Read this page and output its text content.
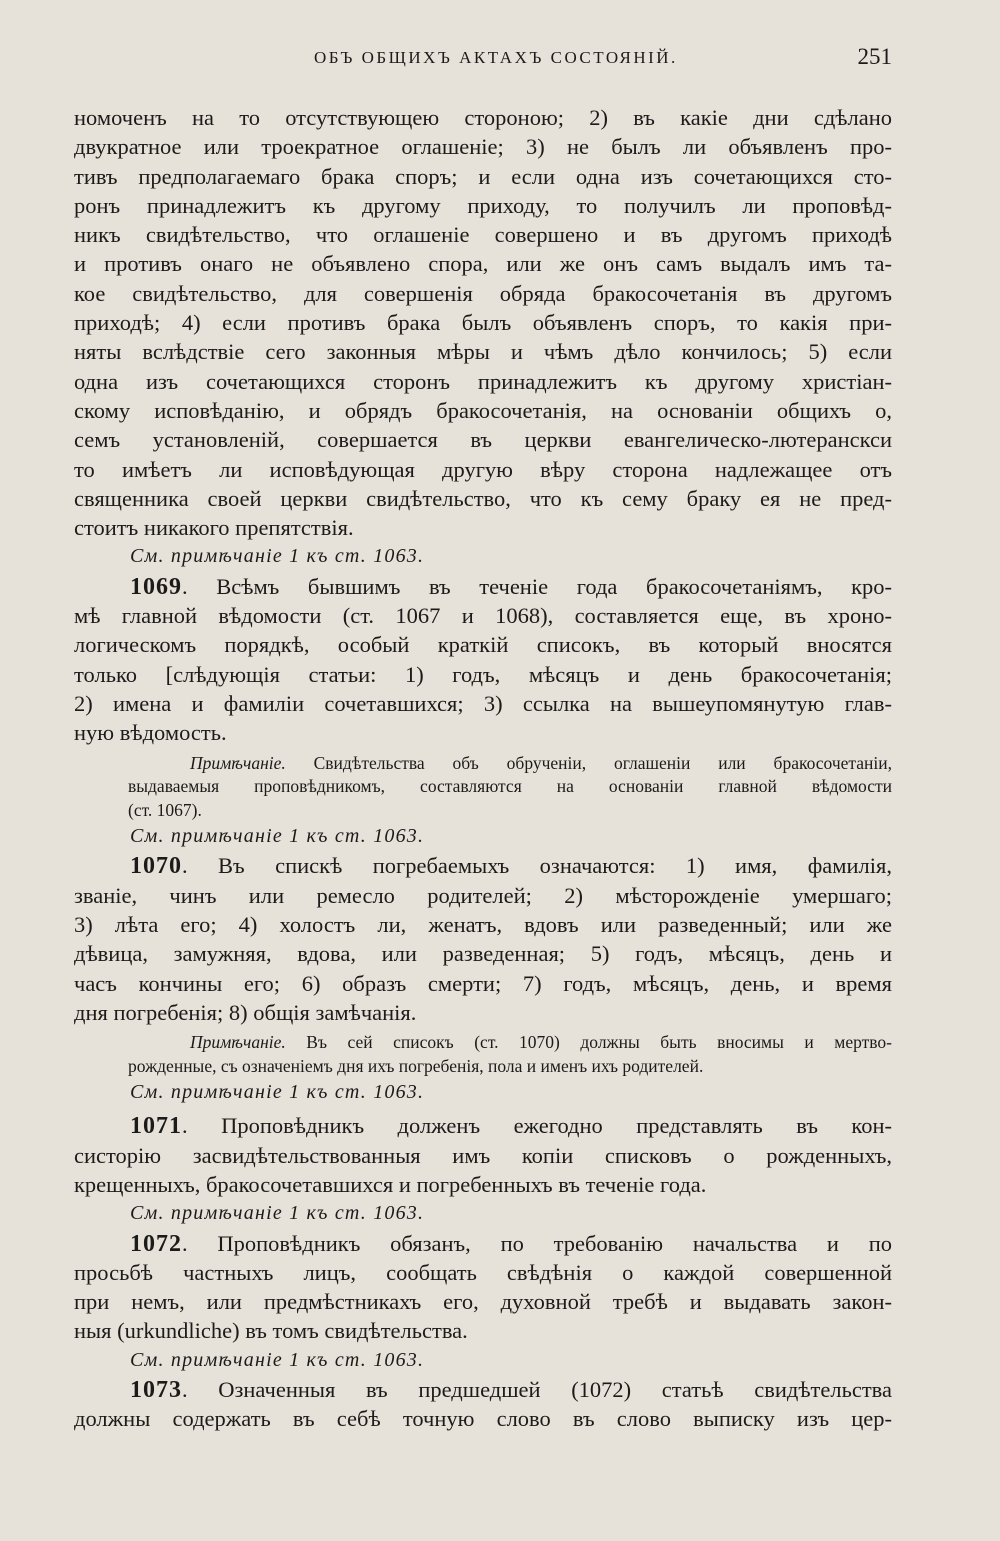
ОБЪ ОБЩИХЪ АКТАХЪ СОСТОЯНІЙ.	251
номоченъ на то отсутствующею стороною; 2) въ какіе дни сдѣлано
двукратное или троекратное оглашеніе; 3) не былъ ли объявленъ про-
тивъ предполагаемаго брака споръ; и если одна изъ сочетающихся сто-
ронъ принадлежитъ къ другому приходу, то получилъ ли проповѣд-
никъ свидѣтельство, что оглашеніе совершено и въ другомъ приходѣ
и противъ онаго не объявлено спора, или же онъ самъ выдалъ имъ та-
кое свидѣтельство, для совершенія обряда бракосочетанія въ другомъ
приходѣ; 4) если противъ брака былъ объявленъ споръ, то какія при-
няты вслѣдствіе сего законныя мѣры и чѣмъ дѣло кончилось; 5) если
одна изъ сочетающихся сторонъ принадлежитъ къ другому христіан-
скому исповѣданію, и обрядъ бракосочетанія, на основаніи общихъ о,
семъ установленій, совершается въ церкви евангелическо-лютеранскси
то имѣетъ ли исповѣдующая другую вѣру сторона надлежащее отъ
священника своей церкви свидѣтельство, что къ сему браку ея не пред-
стоитъ никакого препятствія.
См. примѣчаніе 1 къ ст. 1063.
1069. Всѣмъ бывшимъ въ теченіе года бракосочетаніямъ, кро-
мѣ главной вѣдомости (ст. 1067 и 1068), составляется еще, въ хроно-
логическомъ порядкѣ, особый краткій списокъ, въ который вносятся
только [слѣдующія статьи: 1) годъ, мѣсяцъ и день бракосочетанія;
2) имена и фамиліи сочетавшихся; 3) ссылка на вышеупомянутую глав-
ную вѣдомость.
Примѣчаніе. Свидѣтельства объ обрученіи, оглашеніи или бракосочетаніи,
выдаваемыя проповѣдникомъ, составляются на основаніи главной вѣдомости
(ст. 1067).
См. примѣчаніе 1 къ ст. 1063.
1070. Въ спискѣ погребаемыхъ означаются: 1) имя, фамилія,
званіе, чинъ или ремесло родителей; 2) мѣсторожденіе умершаго;
3) лѣта его; 4) холостъ ли, женатъ, вдовъ или разведенный; или же
дѣвица, замужняя, вдова, или разведенная; 5) годъ, мѣсяцъ, день и
часъ кончины его; 6) образъ смерти; 7) годъ, мѣсяцъ, день, и время
дня погребенія; 8) общія замѣчанія.
Примѣчаніе. Въ сей списокъ (ст. 1070) должны быть вносимы и мертво-
рожденные, съ означеніемъ дня ихъ погребенія, пола и именъ ихъ родителей.
См. примѣчаніе 1 къ ст. 1063.
1071. Проповѣдникъ долженъ ежегодно представлять въ кон-
систорію засвидѣтельствованныя имъ копіи списковъ о рожденныхъ,
крещенныхъ, бракосочетавшихся и погребенныхъ въ теченіе года.
См. примѣчаніе 1 къ ст. 1063.
1072. Проповѣдникъ обязанъ, по требованію начальства и по
просьбѣ частныхъ лицъ, сообщать свѣдѣнія о каждой совершенной
при немъ, или предмѣстникахъ его, духовной требѣ и выдавать закон-
ныя (urkundliche) въ томъ свидѣтельства.
См. примѣчаніе 1 къ ст. 1063.
1073. Означенныя въ предшедшей (1072) статьѣ свидѣтельства
должны содержать въ себѣ точную слово въ слово выписку изъ цер-
